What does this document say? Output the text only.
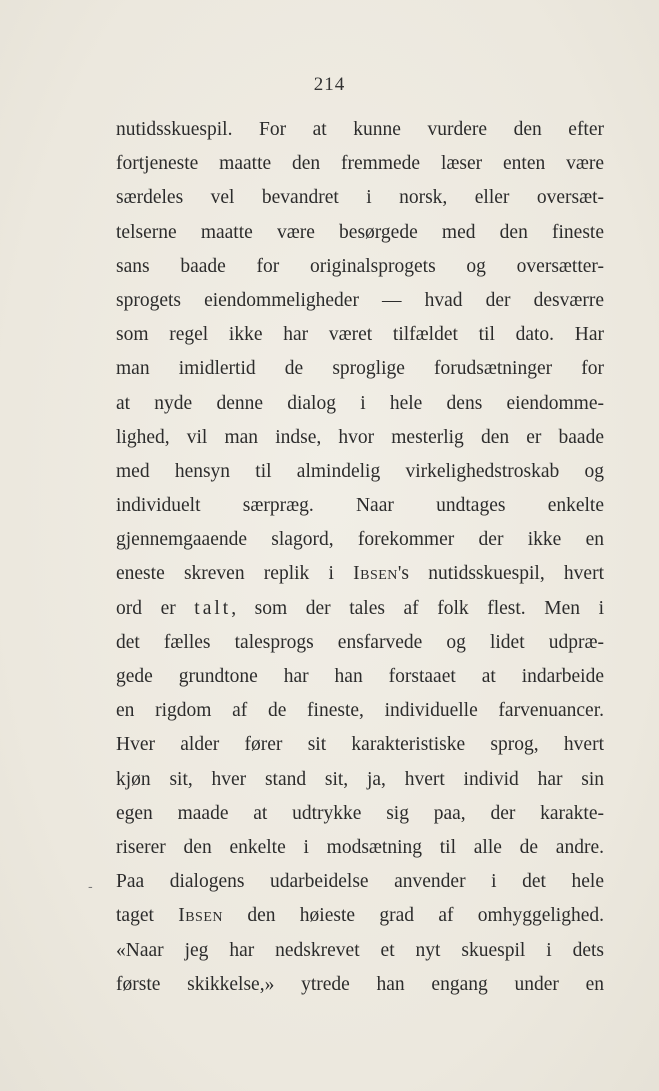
214
nutidsskuespil. For at kunne vurdere den efter
fortjeneste maatte den fremmede læser enten være
særdeles vel bevandret i norsk, eller oversæt-
telserne maatte være besørgede med den fineste
sans baade for originalsprogets og oversætter-
sprogets eiendommeligheder — hvad der desværre
som regel ikke har været tilfældet til dato. Har
man imidlertid de sproglige forudsætninger for
at nyde denne dialog i hele dens eiendomme-
lighed, vil man indse, hvor mesterlig den er baade
med hensyn til almindelig virkelighedstroskab og
individuelt særpræg. Naar undtages enkelte
gjennemgaaende slagord, forekommer der ikke en
eneste skreven replik i Ibsen's nutidsskuespil, hvert
ord er talt, som der tales af folk flest. Men i
det fælles talesprogs ensfarvede og lidet udpræ-
gede grundtone har han forstaaet at indarbeide
en rigdom af de fineste, individuelle farvenuancer.
Hver alder fører sit karakteristiske sprog, hvert
kjøn sit, hver stand sit, ja, hvert individ har sin
egen maade at udtrykke sig paa, der karakte-
riserer den enkelte i modsætning til alle de andre.
Paa dialogens udarbeidelse anvender i det hele
taget Ibsen den høieste grad af omhyggelighed.
«Naar jeg har nedskrevet et nyt skuespil i dets
første skikkelse,» ytrede han engang under en
-
